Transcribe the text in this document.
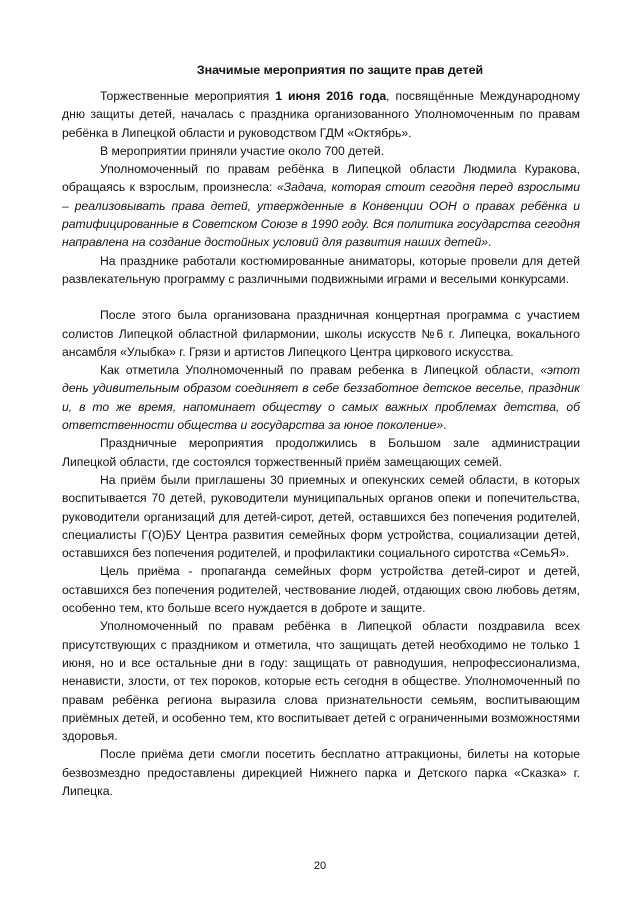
Значимые мероприятия по защите прав детей

Торжественные мероприятия 1 июня 2016 года, посвящённые Международному дню защиты детей, началась с праздника организованного Уполномоченным по правам ребёнка в Липецкой области и руководством ГДМ «Октябрь».

В мероприятии приняли участие около 700 детей.

Уполномоченный по правам ребёнка в Липецкой области Людмила Куракова, обращаясь к взрослым, произнесла: «Задача, которая стоит сегодня перед взрослыми – реализовывать права детей, утвержденные в Конвенции ООН о правах ребёнка и ратифицированные в Советском Союзе в 1990 году. Вся политика государства сегодня направлена на создание достойных условий для развития наших детей».

На празднике работали костюмированные аниматоры, которые провели для детей развлекательную программу с различными подвижными играми и веселыми конкурсами.

После этого была организована праздничная концертная программа с участием солистов Липецкой областной филармонии, школы искусств №6 г. Липецка, вокального ансамбля «Улыбка» г. Грязи и артистов Липецкого Центра циркового искусства.

Как отметила Уполномоченный по правам ребенка в Липецкой области, «этот день удивительным образом соединяет в себе беззаботное детское веселье, праздник и, в то же время, напоминает обществу о самых важных проблемах детства, об ответственности общества и государства за юное поколение».

Праздничные мероприятия продолжились в Большом зале администрации Липецкой области, где состоялся торжественный приём замещающих семей.

На приём были приглашены 30 приемных и опекунских семей области, в которых воспитывается 70 детей, руководители муниципальных органов опеки и попечительства, руководители организаций для детей-сирот, детей, оставшихся без попечения родителей, специалисты Г(О)БУ Центра развития семейных форм устройства, социализации детей, оставшихся без попечения родителей, и профилактики социального сиротства «СемьЯ».

Цель приёма - пропаганда семейных форм устройства детей-сирот и детей, оставшихся без попечения родителей, чествование людей, отдающих свою любовь детям, особенно тем, кто больше всего нуждается в доброте и защите.

Уполномоченный по правам ребёнка в Липецкой области поздравила всех присутствующих с праздником и отметила, что защищать детей необходимо не только 1 июня, но и все остальные дни в году: защищать от равнодушия, непрофессионализма, ненависти, злости, от тех пороков, которые есть сегодня в обществе. Уполномоченный по правам ребёнка региона выразила слова признательности семьям, воспитывающим приёмных детей, и особенно тем, кто воспитывает детей с ограниченными возможностями здоровья.

После приёма дети смогли посетить бесплатно аттракционы, билеты на которые безвозмездно предоставлены дирекцией Нижнего парка и Детского парка «Сказка» г. Липецка.

20
